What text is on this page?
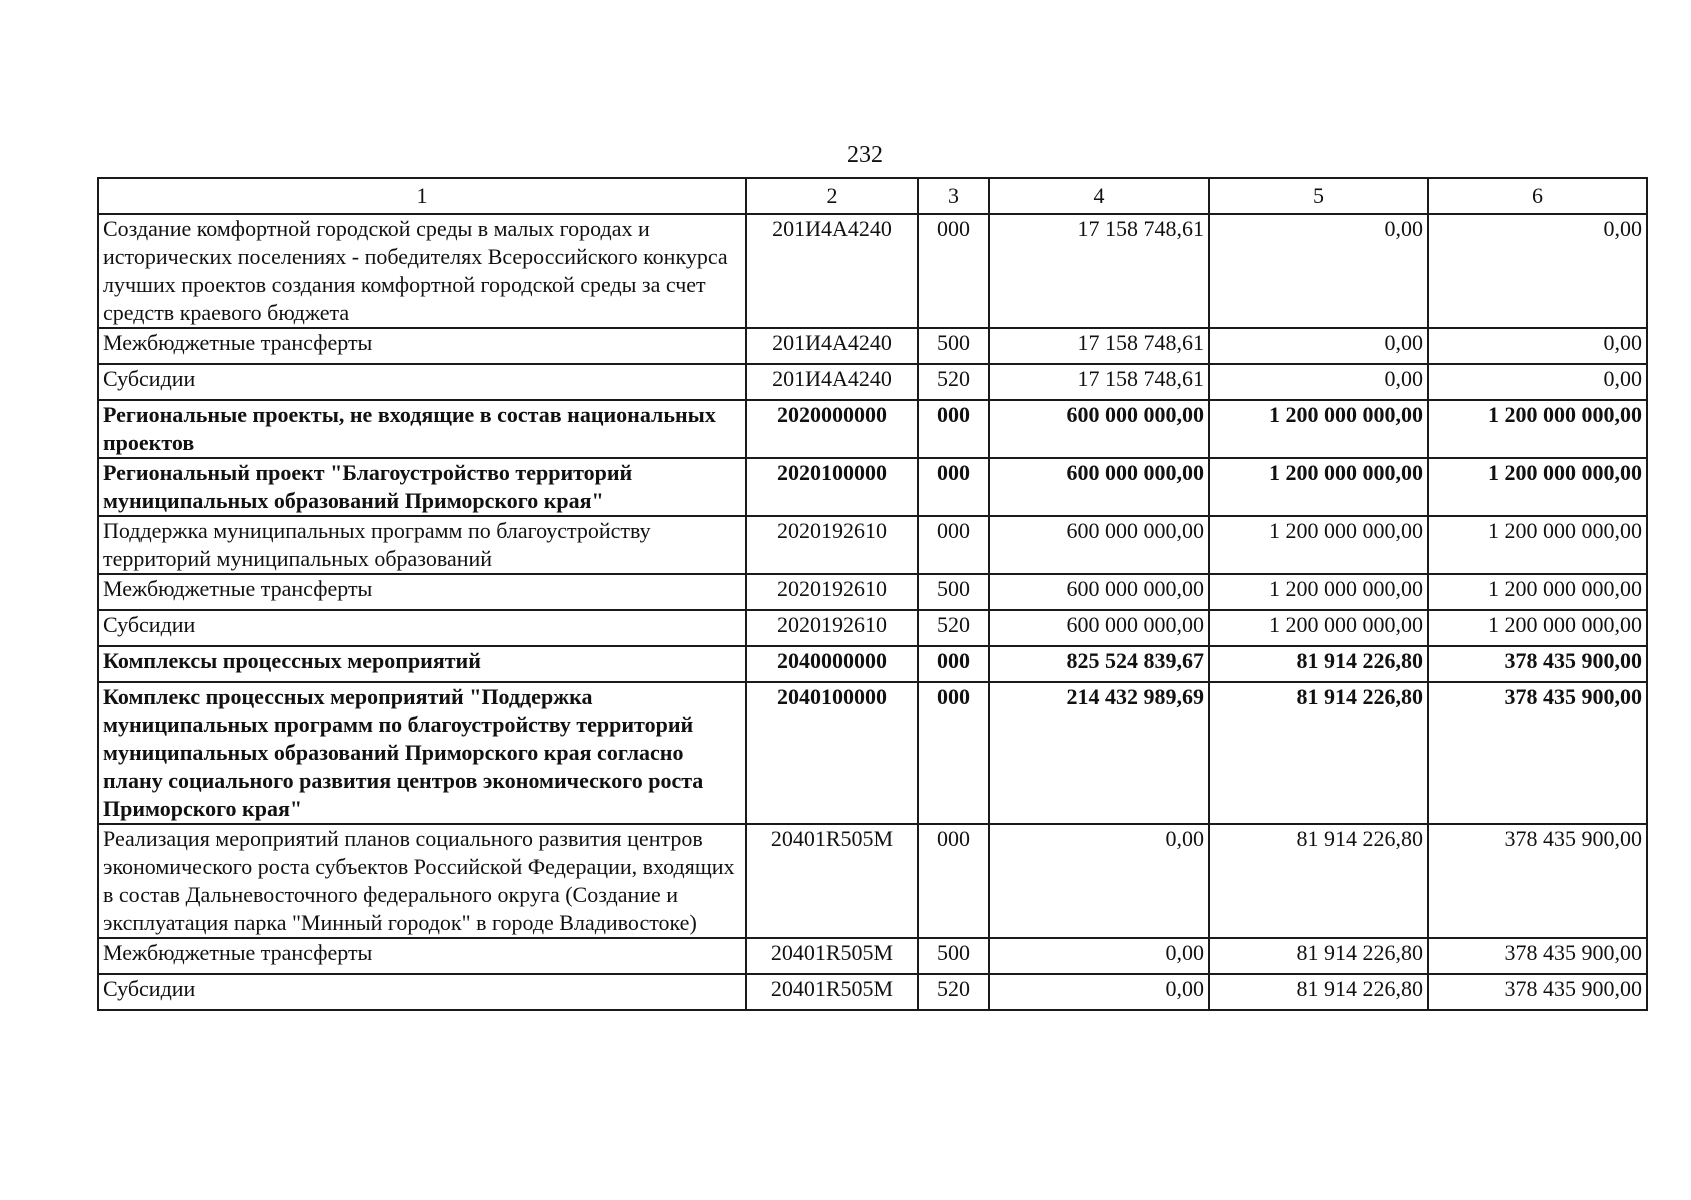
232
1	2	3	4	5	6
Создание комфортной городской среды в малых городах и исторических поселениях - победителях Всероссийского конкурса лучших проектов создания комфортной городской среды за счет средств краевого бюджета	201И4А4240	000	17 158 748,61	0,00	0,00
Межбюджетные трансферты	201И4А4240	500	17 158 748,61	0,00	0,00
Субсидии	201И4А4240	520	17 158 748,61	0,00	0,00
Региональные проекты, не входящие в состав национальных проектов	2020000000	000	600 000 000,00	1 200 000 000,00	1 200 000 000,00
Региональный проект "Благоустройство территорий муниципальных образований Приморского края"	2020100000	000	600 000 000,00	1 200 000 000,00	1 200 000 000,00
Поддержка муниципальных программ по благоустройству территорий муниципальных образований	2020192610	000	600 000 000,00	1 200 000 000,00	1 200 000 000,00
Межбюджетные трансферты	2020192610	500	600 000 000,00	1 200 000 000,00	1 200 000 000,00
Субсидии	2020192610	520	600 000 000,00	1 200 000 000,00	1 200 000 000,00
Комплексы процессных мероприятий	2040000000	000	825 524 839,67	81 914 226,80	378 435 900,00
Комплекс процессных мероприятий "Поддержка муниципальных программ по благоустройству территорий муниципальных образований Приморского края согласно плану социального развития центров экономического роста Приморского края"	2040100000	000	214 432 989,69	81 914 226,80	378 435 900,00
Реализация мероприятий планов социального развития центров экономического роста субъектов Российской Федерации, входящих в состав Дальневосточного федерального округа (Создание и эксплуатация парка "Минный городок" в городе Владивостоке)	20401R505M	000	0,00	81 914 226,80	378 435 900,00
Межбюджетные трансферты	20401R505M	500	0,00	81 914 226,80	378 435 900,00
Субсидии	20401R505M	520	0,00	81 914 226,80	378 435 900,00
